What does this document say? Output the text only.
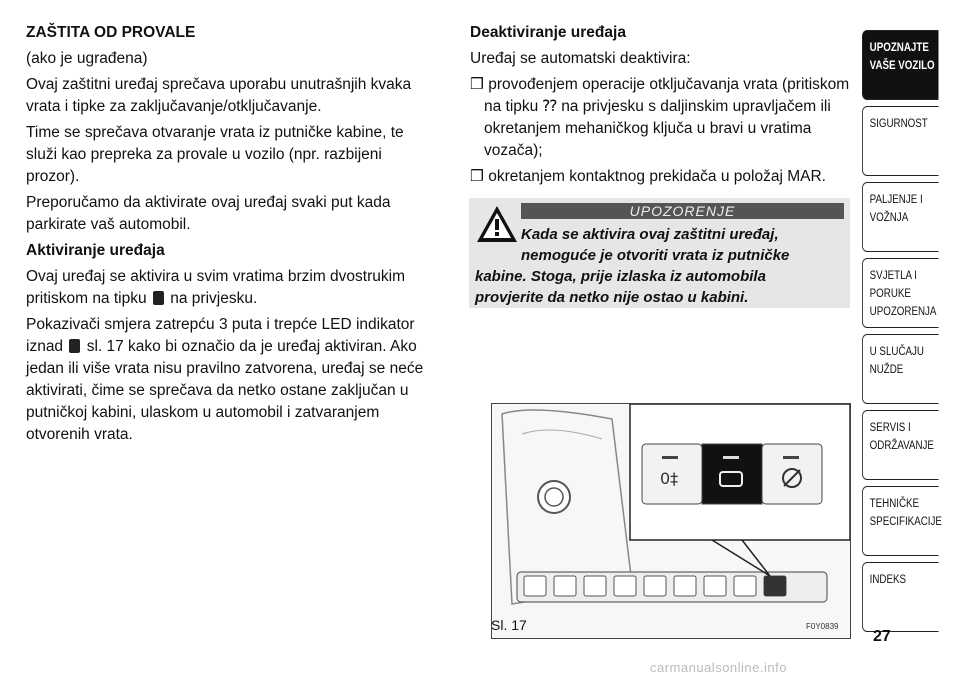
ZAŠTITA OD PROVALE

(ako je ugrađena)

Ovaj zaštitni uređaj sprečava uporabu unutrašnjih kvaka vrata i tipke za zaključavanje/otključavanje.

Time se sprečava otvaranje vrata iz putničke kabine, te služi kao prepreka za provale u vozilo (npr. razbijeni prozor).

Preporučamo da aktivirate ovaj uređaj svaki put kada parkirate vaš automobil.

Aktiviranje uređaja

Ovaj uređaj se aktivira u svim vratima brzim dvostrukim pritiskom na tipku na privjesku.

Pokazivači smjera zatrepću 3 puta i trepće LED indikator iznad sl. 17 kako bi označio da je uređaj aktiviran. Ako jedan ili više vrata nisu pravilno zatvorena, uređaj se neće aktivirati, čime se sprečava da netko ostane zaključan u putničkoj kabini, ulaskom u automobil i zatvaranjem otvorenih vrata.

Deaktiviranje uređaja

Uređaj se automatski deaktivira:

❒ provođenjem operacije otključavanja vrata (pritiskom na tipku ⁇ na privjesku s daljinskim upravljačem ili okretanjem mehaničkog ključa u bravi u vratima vozača);

❒ okretanjem kontaktnog prekidača u položaj MAR.

UPOZORENJE
Kada se aktivira ovaj zaštitni uređaj,
nemoguće je otvoriti vrata iz putničke
kabine. Stoga, prije izlaska iz automobila
provjerite da netko nije ostao u kabini.
0‡
Sl. 17	F0Y0839
UPOZNAJTE
VAŠE VOZILO
SIGURNOST

PALJENJE I
VOŽNJA
SVJETLA I PORUKE
UPOZORENJA
U SLUČAJU
NUŽDE
SERVIS I
ODRŽAVANJE
TEHNIČKE
SPECIFIKACIJE
INDEKS

27
carmanualsonline.info
